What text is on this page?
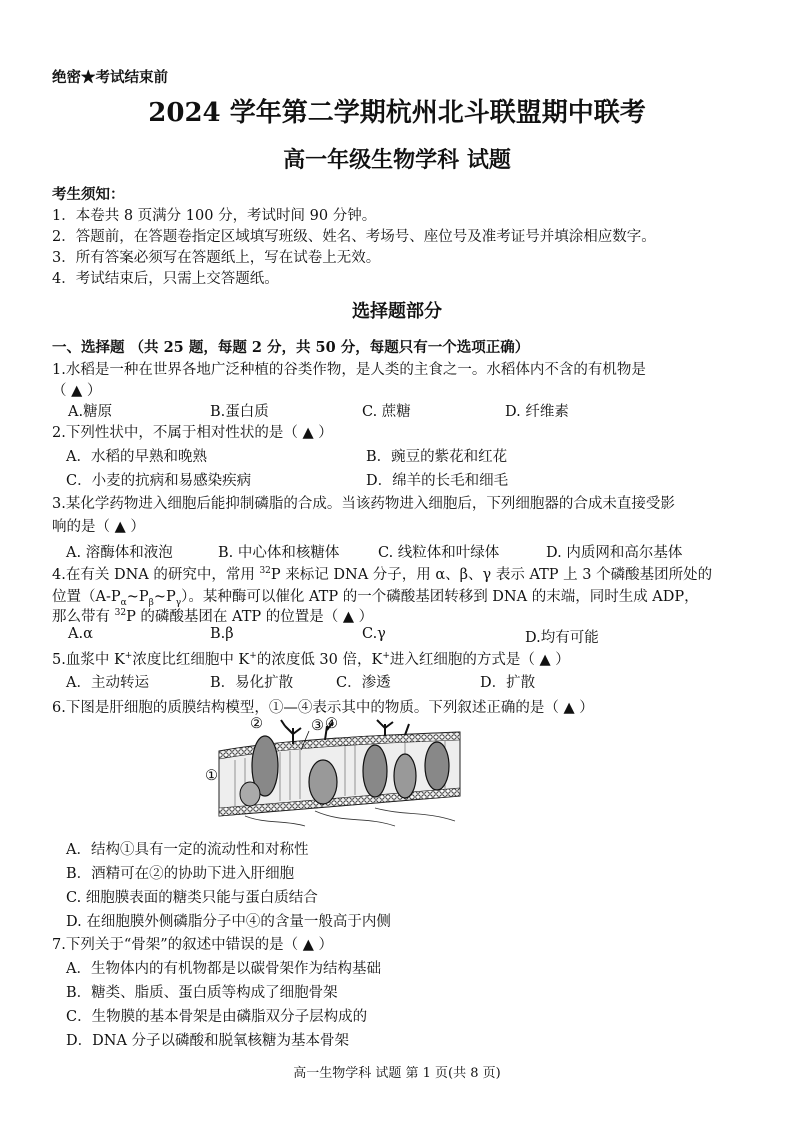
绝密★考试结束前
2024 学年第二学期杭州北斗联盟期中联考
高一年级生物学科 试题
考生须知：
1．本卷共 8 页满分 100 分，考试时间 90 分钟。
2．答题前，在答题卷指定区域填写班级、姓名、考场号、座位号及准考证号并填涂相应数字。
3．所有答案必须写在答题纸上，写在试卷上无效。
4．考试结束后，只需上交答题纸。
选择题部分
一、选择题 （共 25 题，每题 2 分，共 50 分，每题只有一个选项正确）
1.水稻是一种在世界各地广泛种植的谷类作物，是人类的主食之一。水稻体内不含的有机物是
（ ▲ ）
A.糖原	B.蛋白质	C. 蔗糖	D. 纤维素
2.下列性状中，不属于相对性状的是（ ▲ ）
A．水稻的早熟和晚熟	B．豌豆的紫花和红花
C．小麦的抗病和易感染疾病	D．绵羊的长毛和细毛
3.某化学药物进入细胞后能抑制磷脂的合成。当该药物进入细胞后，下列细胞器的合成未直接受影
响的是（ ▲ ）
A. 溶酶体和液泡	B. 中心体和核糖体	C. 线粒体和叶绿体	D. 内质网和高尔基体
4.在有关 DNA 的研究中，常用 $^{32}$P 来标记 DNA 分子，用 α、β、γ 表示 ATP 上 3 个磷酸基团所处的
位置$(A-P_\alpha\sim P_\beta\sim P_\gamma)$。某种酶可以催化 ATP 的一个磷酸基团转移到 DNA 的末端，同时生成 ADP，
那么带有 $^{32}$P 的磷酸基团在 ATP 的位置是（ ▲ ）
A.α	B.β	C.γ	D.均有可能
5.血浆中 K+浓度比红细胞中 K+的浓度低 30 倍，K+进入红细胞的方式是（ ▲ ）
A．主动转运	B．易化扩散	C．渗透	D．扩散
6.下图是肝细胞的质膜结构模型，①—④表示其中的物质。下列叙述正确的是（ ▲ ）
②	③
①
④
A．结构①具有一定的流动性和对称性
B．酒精可在②的协助下进入肝细胞
C. 细胞膜表面的糖类只能与蛋白质结合
D. 在细胞膜外侧磷脂分子中④的含量一般高于内侧
7.下列关于“骨架”的叙述中错误的是（ ▲ ）
A．生物体内的有机物都是以碳骨架作为结构基础
B．糖类、脂质、蛋白质等构成了细胞骨架
C．生物膜的基本骨架是由磷脂双分子层构成的
D．DNA 分子以磷酸和脱氧核糖为基本骨架
高一生物学科 试题 第 1 页(共 8 页)
